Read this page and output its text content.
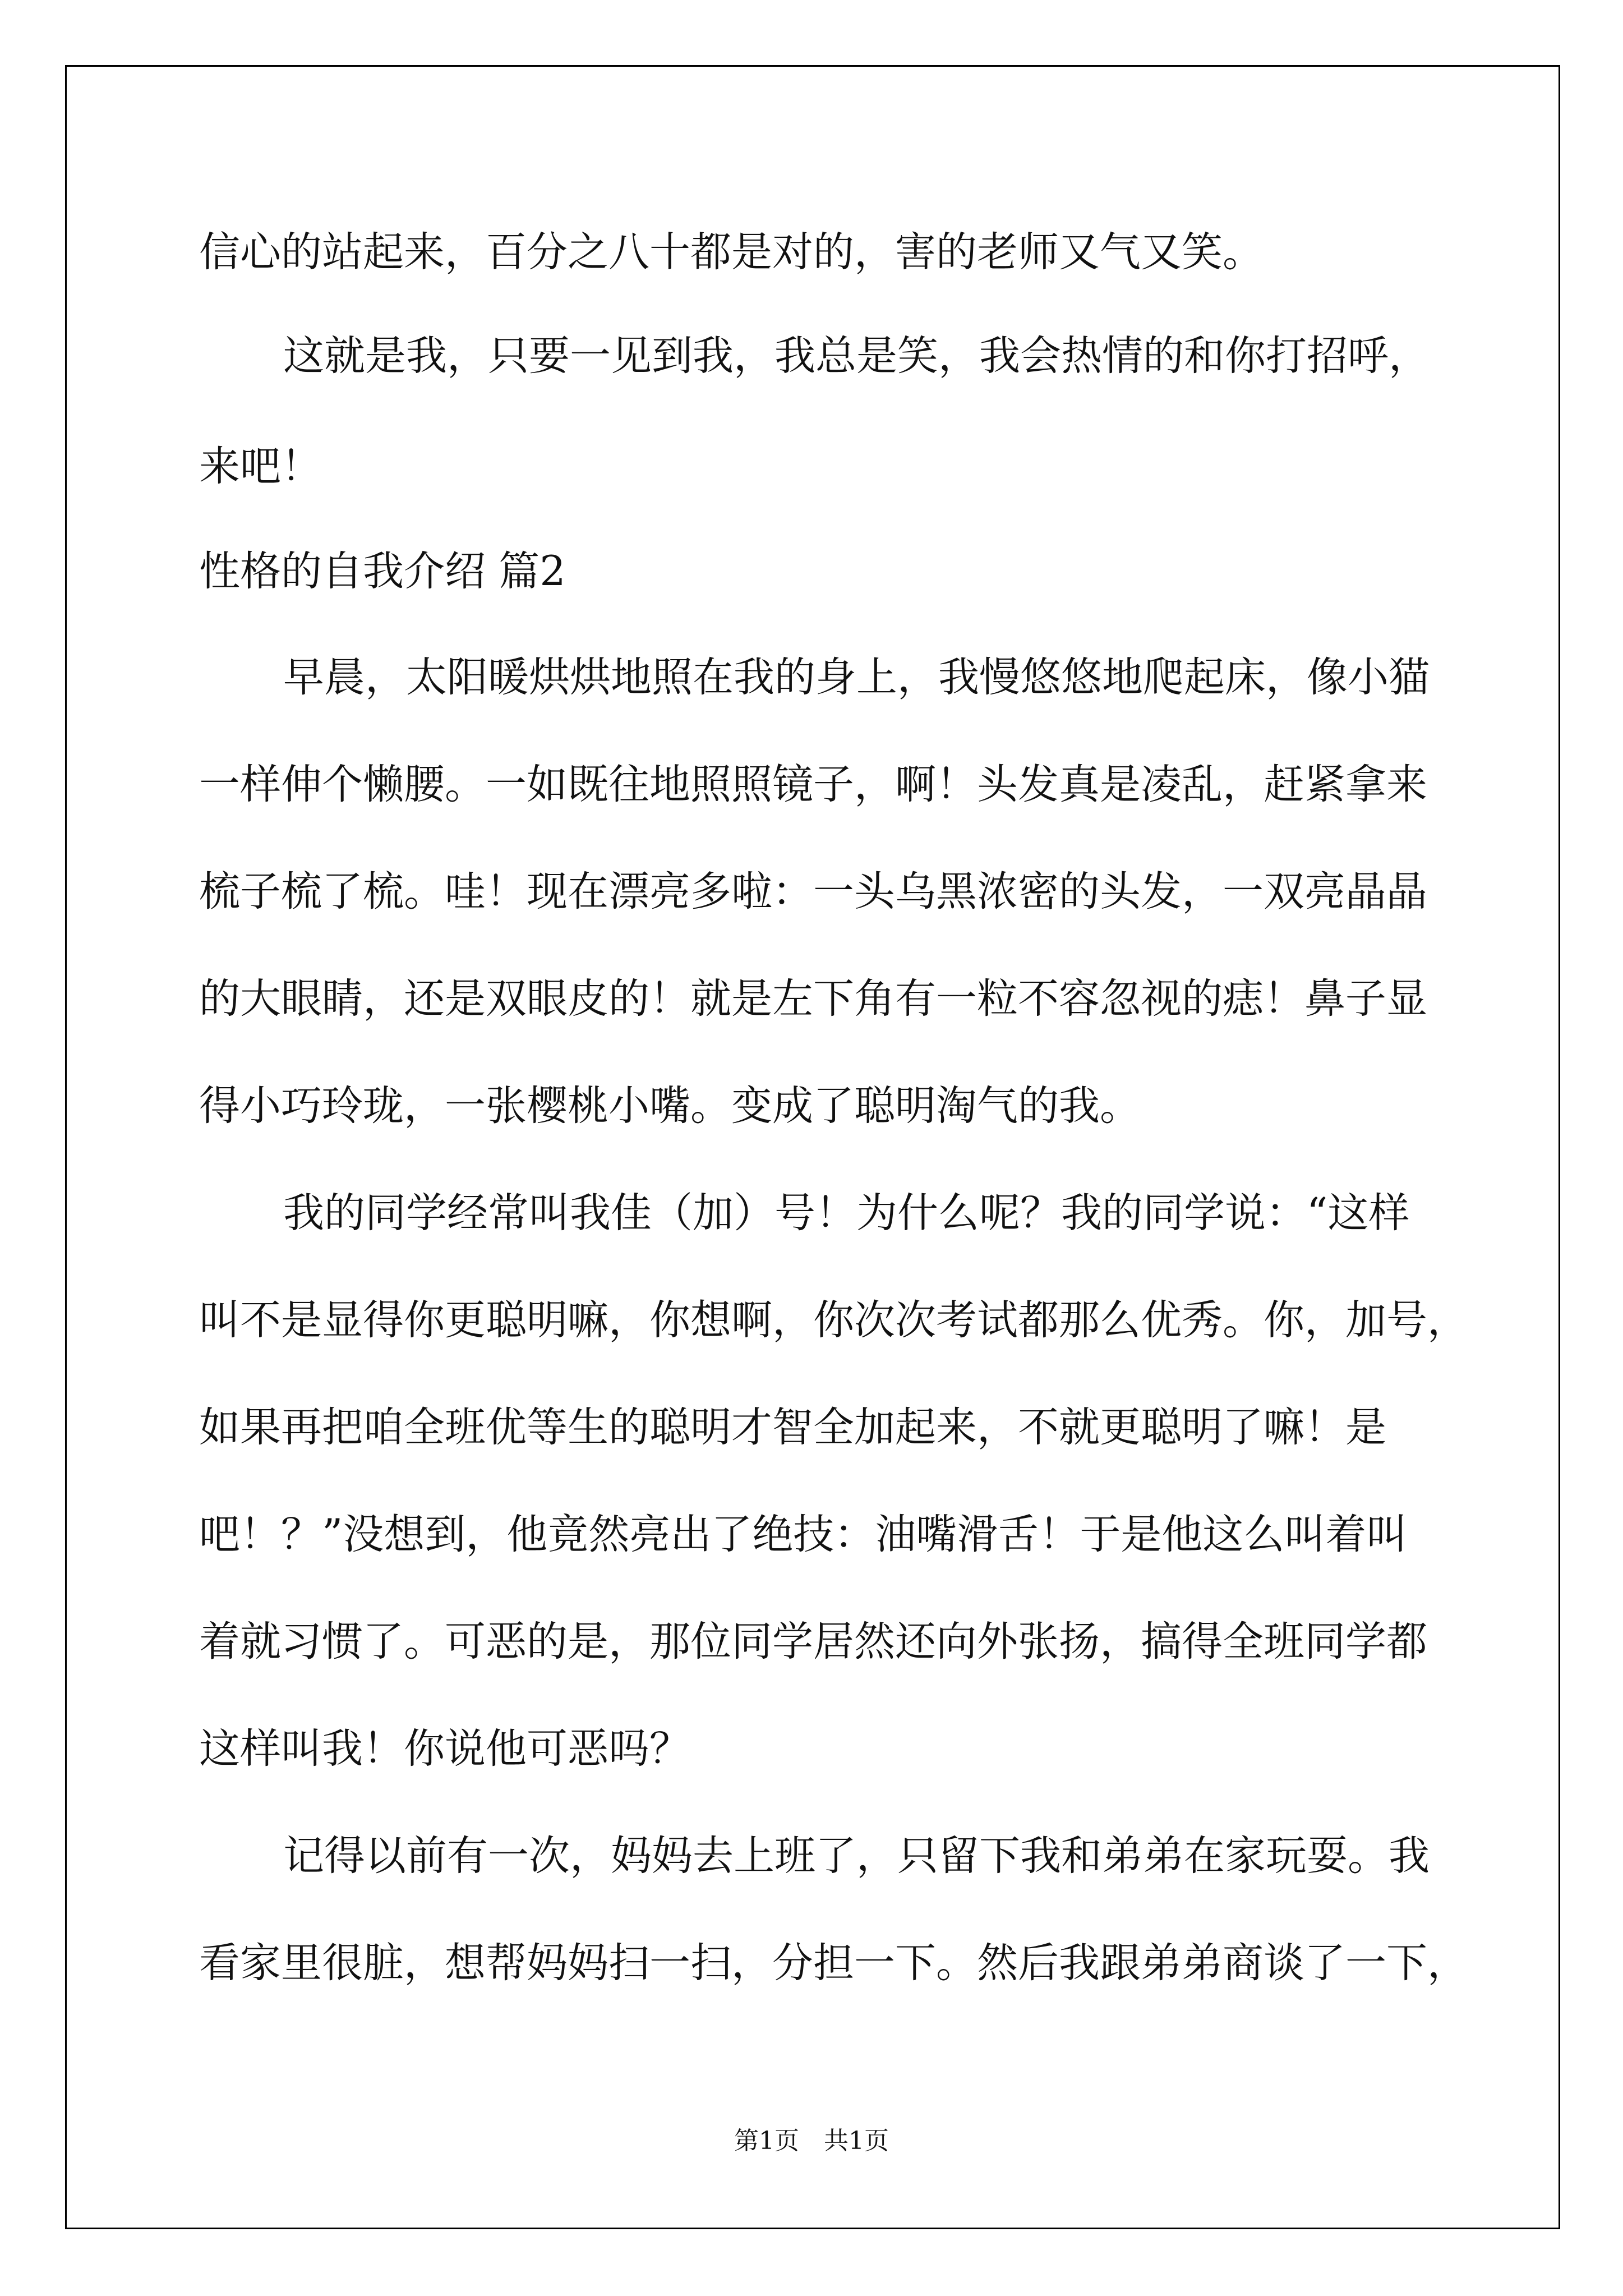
信心的站起来，百分之八十都是对的，害的老师又气又笑。

这就是我，只要一见到我，我总是笑，我会热情的和你打招呼，

来吧！

性格的自我介绍 篇2

早晨，太阳暖烘烘地照在我的身上，我慢悠悠地爬起床，像小猫

一样伸个懒腰。一如既往地照照镜子，啊！头发真是凌乱，赶紧拿来

梳子梳了梳。哇！现在漂亮多啦：一头乌黑浓密的头发，一双亮晶晶

的大眼睛，还是双眼皮的！就是左下角有一粒不容忽视的痣！鼻子显

得小巧玲珑，一张樱桃小嘴。变成了聪明淘气的我。

我的同学经常叫我佳（加）号！为什么呢？我的同学说：“这样

叫不是显得你更聪明嘛，你想啊，你次次考试都那么优秀。你，加号，

如果再把咱全班优等生的聪明才智全加起来，不就更聪明了嘛！是

吧！？”没想到，他竟然亮出了绝技：油嘴滑舌！于是他这么叫着叫

着就习惯了。可恶的是，那位同学居然还向外张扬，搞得全班同学都

这样叫我！你说他可恶吗？

记得以前有一次，妈妈去上班了，只留下我和弟弟在家玩耍。我

看家里很脏，想帮妈妈扫一扫，分担一下。然后我跟弟弟商谈了一下，

第1页　共1页
